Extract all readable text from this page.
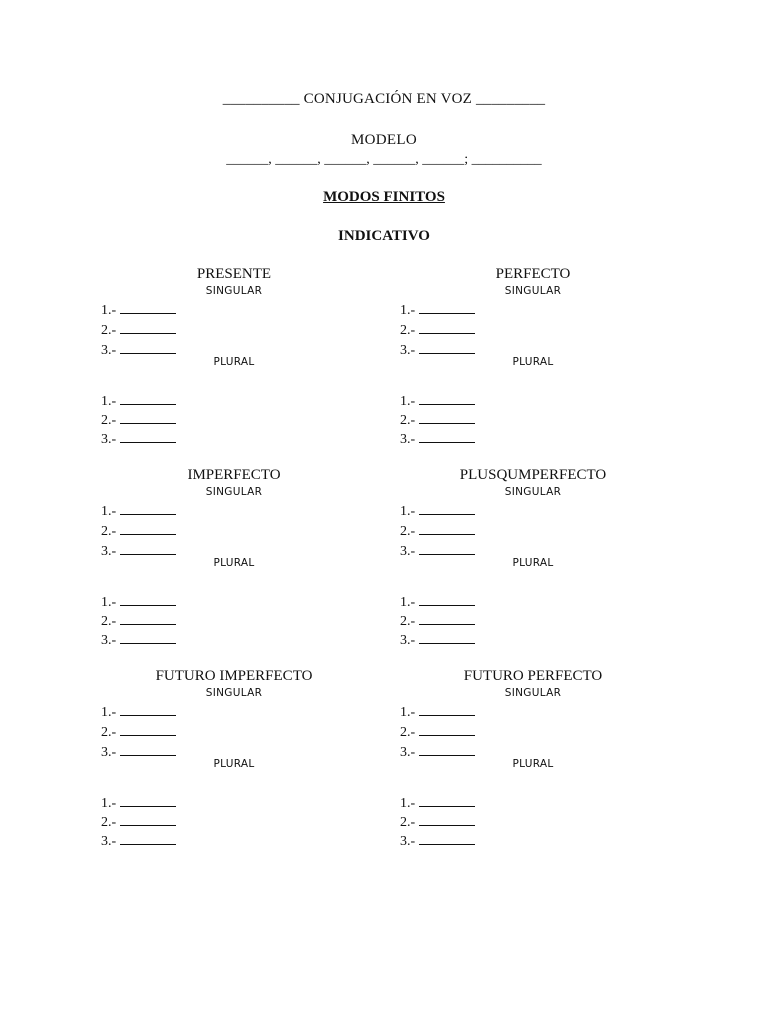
__________ CONJUGACIÓN EN VOZ _________
MODELO
______, ______, ______, ______, ______; __________
MODOS FINITOS
INDICATIVO
PRESENTE
SINGULAR
PLURAL
1.-
2.-
3.-
1.-
2.-
3.-
PERFECTO
SINGULAR
PLURAL
1.-
2.-
3.-
1.-
2.-
3.-
IMPERFECTO
SINGULAR
PLURAL
1.-
2.-
3.-
1.-
2.-
3.-
PLUSQUMPERFECTO
SINGULAR
PLURAL
1.-
2.-
3.-
1.-
2.-
3.-
FUTURO IMPERFECTO
SINGULAR
PLURAL
1.-
2.-
3.-
1.-
2.-
3.-
FUTURO PERFECTO
SINGULAR
PLURAL
1.-
2.-
3.-
1.-
2.-
3.-
